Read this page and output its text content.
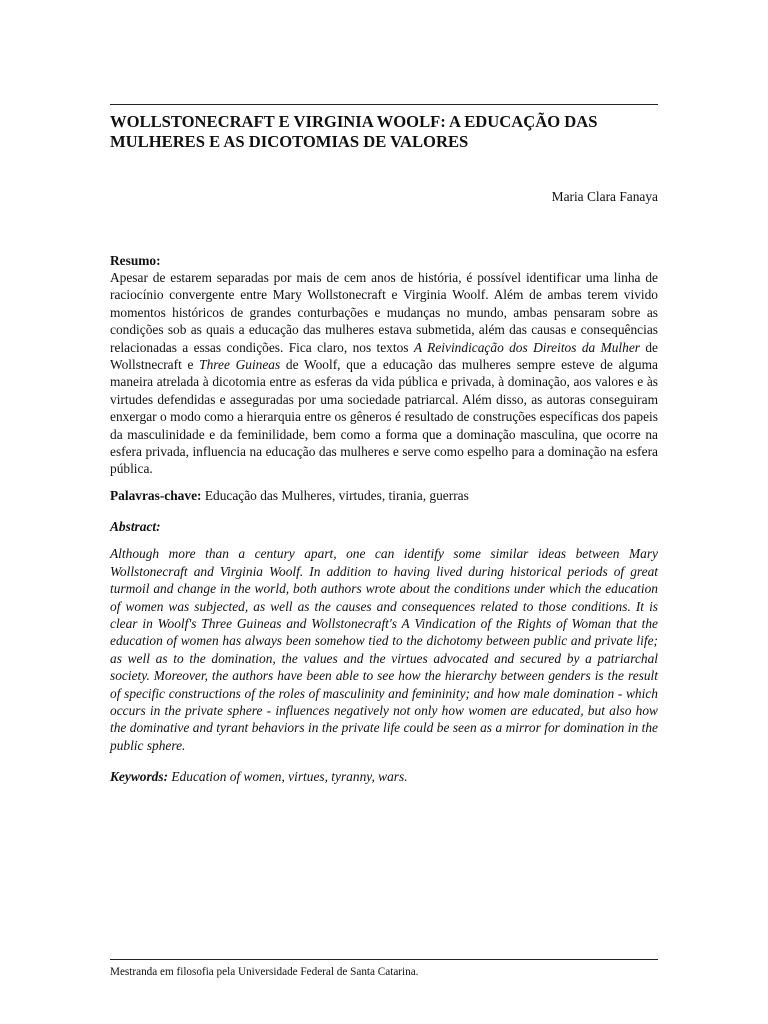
WOLLSTONECRAFT E VIRGINIA WOOLF: A EDUCAÇÃO DAS MULHERES E AS DICOTOMIAS DE VALORES
Maria Clara Fanaya
Resumo:

Apesar de estarem separadas por mais de cem anos de história, é possível identificar uma linha de raciocínio convergente entre Mary Wollstonecraft e Virginia Woolf. Além de ambas terem vivido momentos históricos de grandes conturbações e mudanças no mundo, ambas pensaram sobre as condições sob as quais a educação das mulheres estava submetida, além das causas e consequências relacionadas a essas condições. Fica claro, nos textos A Reivindicação dos Direitos da Mulher de Wollstnecraft e Three Guineas de Woolf, que a educação das mulheres sempre esteve de alguma maneira atrelada à dicotomia entre as esferas da vida pública e privada, à dominação, aos valores e às virtudes defendidas e asseguradas por uma sociedade patriarcal. Além disso, as autoras conseguiram enxergar o modo como a hierarquia entre os gêneros é resultado de construções específicas dos papeis da masculinidade e da feminilidade, bem como a forma que a dominação masculina, que ocorre na esfera privada, influencia na educação das mulheres e serve como espelho para a dominação na esfera pública.

Palavras-chave: Educação das Mulheres, virtudes, tirania, guerras
Abstract:

Although more than a century apart, one can identify some similar ideas between Mary Wollstonecraft and Virginia Woolf. In addition to having lived during historical periods of great turmoil and change in the world, both authors wrote about the conditions under which the education of women was subjected, as well as the causes and consequences related to those conditions. It is clear in Woolf's Three Guineas and Wollstonecraft's A Vindication of the Rights of Woman that the education of women has always been somehow tied to the dichotomy between public and private life; as well as to the domination, the values and the virtues advocated and secured by a patriarchal society. Moreover, the authors have been able to see how the hierarchy between genders is the result of specific constructions of the roles of masculinity and femininity; and how male domination - which occurs in the private sphere - influences negatively not only how women are educated, but also how the dominative and tyrant behaviors in the private life could be seen as a mirror for domination in the public sphere.

Keywords: Education of women, virtues, tyranny, wars.
Mestranda em filosofia pela Universidade Federal de Santa Catarina.
